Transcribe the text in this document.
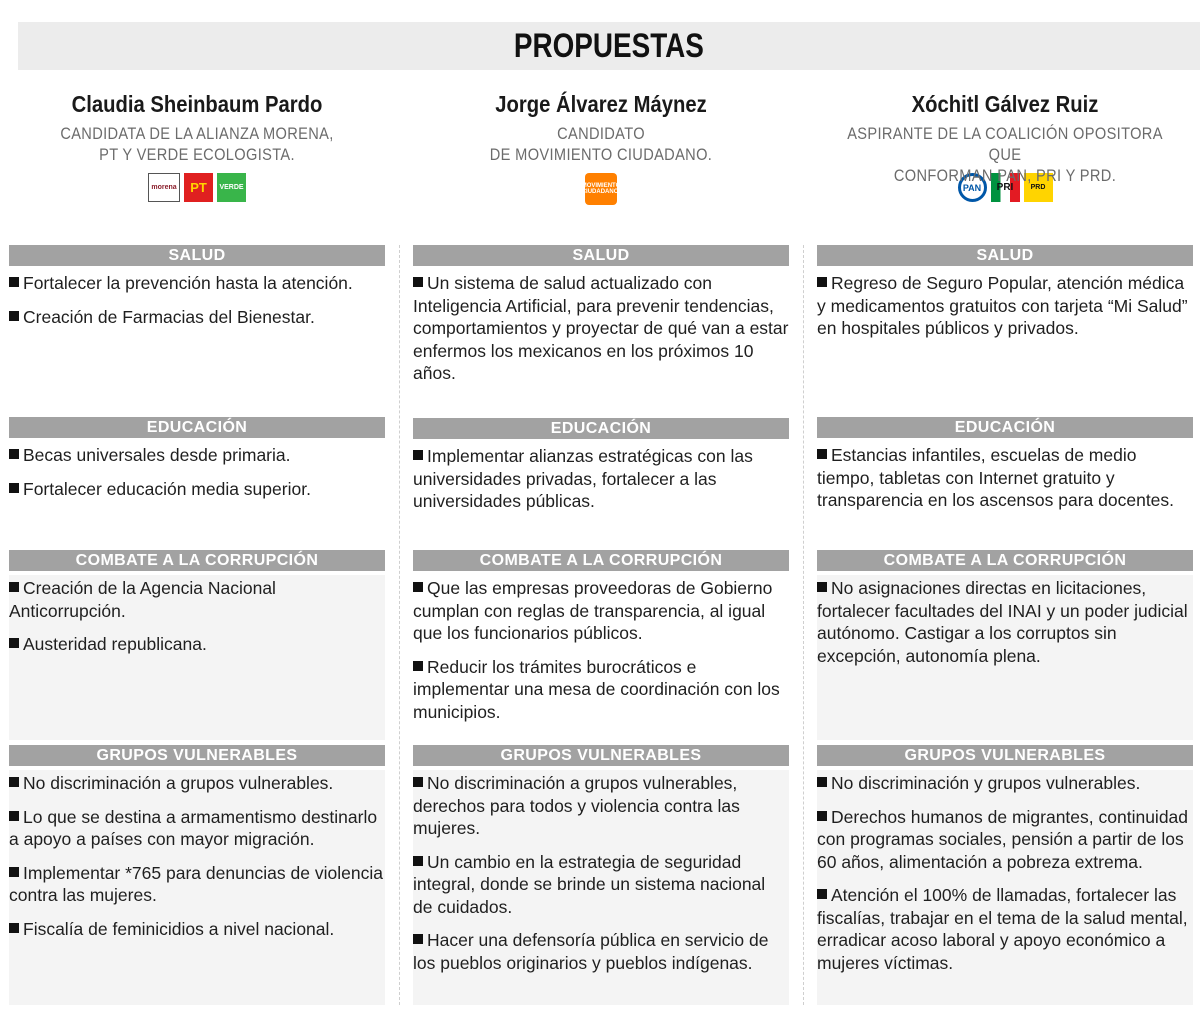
PROPUESTAS
Claudia Sheinbaum Pardo
CANDIDATA DE LA ALIANZA MORENA,
PT Y VERDE ECOLOGISTA.
morena	PT	VERDE
SALUD
Fortalecer la prevención hasta la atención.
Creación de Farmacias del Bienestar.
EDUCACIÓN
Becas universales desde primaria.
Fortalecer educación media superior.
COMBATE A LA CORRUPCIÓN
Creación de la Agencia Nacional Anticorrupción.
Austeridad republicana.
GRUPOS VULNERABLES
No discriminación a grupos vulnerables.
Lo que se destina a armamentismo destinarlo a apoyo a países con mayor migración.
Implementar *765 para denuncias de violencia contra las mujeres.
Fiscalía de feminicidios a nivel nacional.
Jorge Álvarez Máynez
CANDIDATO
DE MOVIMIENTO CIUDADANO.
MOVIMIENTO CIUDADANO
SALUD
Un sistema de salud actualizado con Inteligencia Artificial, para prevenir tendencias, comportamientos y proyectar de qué van a estar enfermos los mexicanos en los próximos 10 años.
EDUCACIÓN
Implementar alianzas estratégicas con las universidades privadas, fortalecer a las universidades públicas.
COMBATE A LA CORRUPCIÓN
Que las empresas proveedoras de Gobierno cumplan con reglas de transparencia, al igual que los funcionarios públicos.
Reducir los trámites burocráticos e implementar una mesa de coordinación con los municipios.
GRUPOS VULNERABLES
No discriminación a grupos vulnerables, derechos para todos y violencia contra las mujeres.
Un cambio en la estrategia de seguridad integral, donde se brinde un sistema nacional de cuidados.
Hacer una defensoría pública en servicio de los pueblos originarios y pueblos indígenas.
Xóchitl Gálvez Ruiz
ASPIRANTE DE LA COALICIÓN OPOSITORA QUE
CONFORMAN PAN, PRI Y PRD.
PAN	PRI	PRD
SALUD
Regreso de Seguro Popular, atención médica y medicamentos gratuitos con tarjeta “Mi Salud” en hospitales públicos y privados.
EDUCACIÓN
Estancias infantiles, escuelas de medio tiempo, tabletas con Internet gratuito y transparencia en los ascensos para docentes.
COMBATE A LA CORRUPCIÓN
No asignaciones directas en licitaciones, fortalecer facultades del INAI y un poder judicial autónomo. Castigar a los corruptos sin excepción, autonomía plena.
GRUPOS VULNERABLES
No discriminación y grupos vulnerables.
Derechos humanos de migrantes, continuidad con programas sociales, pensión a partir de los 60 años, alimentación a pobreza extrema.
Atención el 100% de llamadas, fortalecer las fiscalías, trabajar en el tema de la salud mental, erradicar acoso laboral y apoyo económico a mujeres víctimas.
